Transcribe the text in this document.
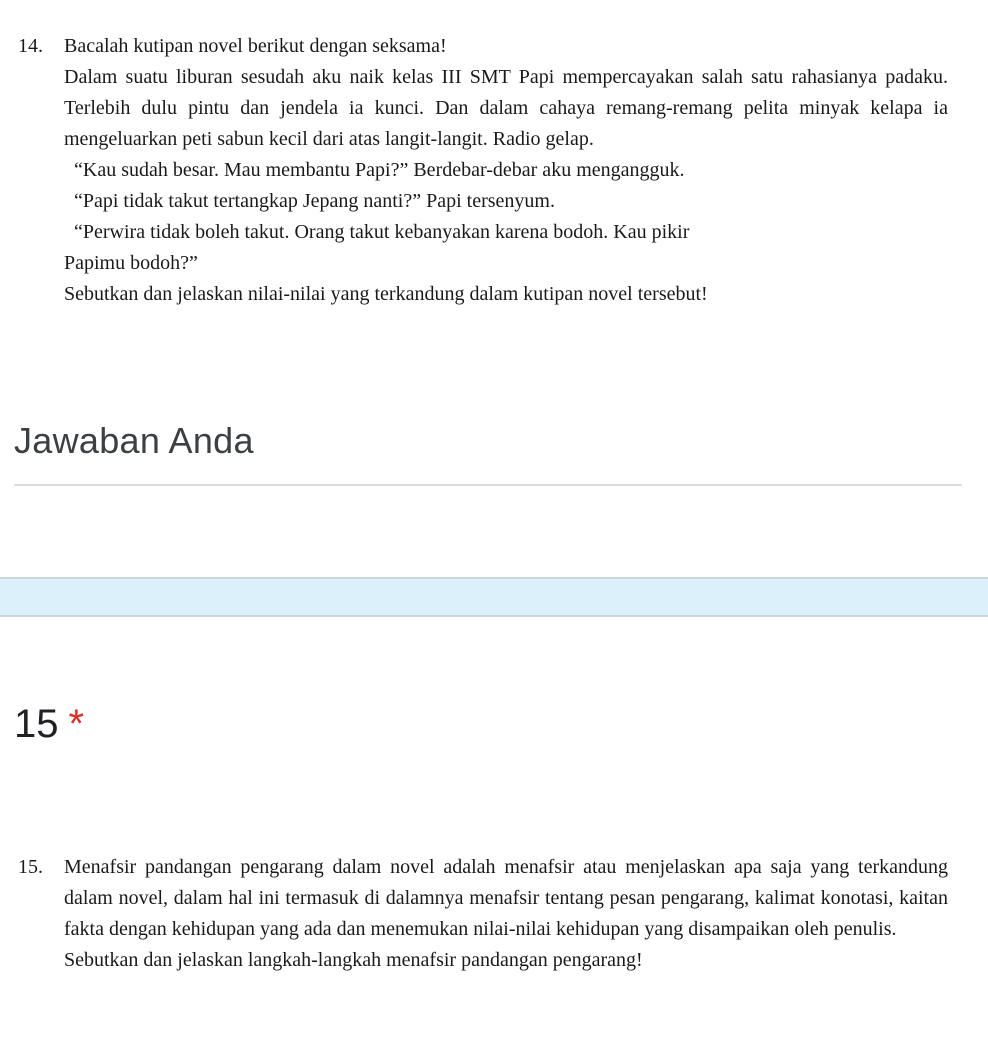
14.	Bacalah kutipan novel berikut dengan seksama!

Dalam suatu liburan sesudah aku naik kelas III SMT Papi mempercayakan salah satu rahasianya padaku. Terlebih dulu pintu dan jendela ia kunci. Dan dalam cahaya remang-remang pelita minyak kelapa ia mengeluarkan peti sabun kecil dari atas langit-langit. Radio gelap.

“Kau sudah besar. Mau membantu Papi?” Berdebar-debar aku mengangguk.

“Papi tidak takut tertangkap Jepang nanti?” Papi tersenyum.

“Perwira tidak boleh takut. Orang takut kebanyakan karena bodoh. Kau pikir

Papimu bodoh?”

Sebutkan dan jelaskan nilai-nilai yang terkandung dalam kutipan novel tersebut!

Jawaban Anda
15 *
15.	Menafsir pandangan pengarang dalam novel adalah menafsir atau menjelaskan apa saja yang terkandung dalam novel, dalam hal ini termasuk di dalamnya menafsir tentang pesan pengarang, kalimat konotasi, kaitan fakta dengan kehidupan yang ada dan menemukan nilai-nilai kehidupan yang disampaikan oleh penulis.

Sebutkan dan jelaskan langkah-langkah menafsir pandangan pengarang!
